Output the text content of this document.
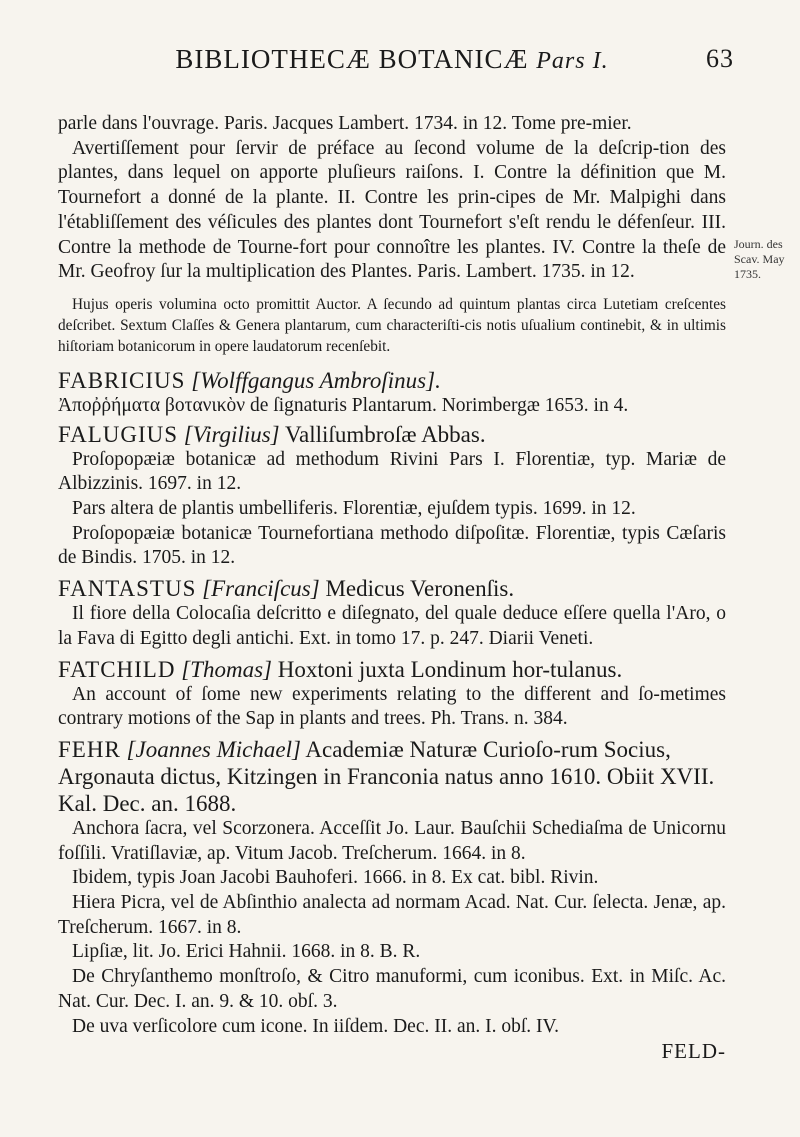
BIBLIOTHECÆ BOTANICÆ Pars I.	63

parle dans l'ouvrage. Paris. Jacques Lambert. 1734. in 12. Tome pre-mier.

Avertiſſement pour ſervir de préface au ſecond volume de la deſcrip-tion des plantes, dans lequel on apporte pluſieurs raiſons. I. Contre la définition que M. Tournefort a donné de la plante. II. Contre les prin-cipes de Mr. Malpighi dans l'établiſſement des véſicules des plantes dont Tournefort s'eſt rendu le défenſeur. III. Contre la methode de Tourne-fort pour connoître les plantes. IV. Contre la theſe de Mr. Geofroy ſur la multiplication des Plantes. Paris. Lambert. 1735. in 12.

Hujus operis volumina octo promittit Auctor. A ſecundo ad quintum plantas circa Lutetiam creſcentes deſcribet. Sextum Claſſes & Genera plantarum, cum characteriſti-cis notis uſualium continebit, & in ultimis hiſtoriam botanicorum in opere laudatorum recenſebit.

FABRICIUS [Wolffgangus Ambroſinus].

Ἀποῤῥήματα βοτανικὸν de ſignaturis Plantarum. Norimbergæ 1653. in 4.

FALUGIUS [Virgilius] Valliſumbroſæ Abbas.

Proſopopæiæ botanicæ ad methodum Rivini Pars I. Florentiæ, typ. Mariæ de Albizzinis. 1697. in 12.

Pars altera de plantis umbelliferis. Florentiæ, ejuſdem typis. 1699. in 12.

Proſopopæiæ botanicæ Tournefortiana methodo diſpoſitæ. Florentiæ, typis Cæſaris de Bindis. 1705. in 12.

FANTASTUS [Franciſcus] Medicus Veronenſis.

Il fiore della Colocaſia deſcritto e diſegnato, del quale deduce eſſere quella l'Aro, o la Fava di Egitto degli antichi. Ext. in tomo 17. p. 247. Diarii Veneti.

FATCHILD [Thomas] Hoxtoni juxta Londinum hor-tulanus.

An account of ſome new experiments relating to the different and ſo-metimes contrary motions of the Sap in plants and trees. Ph. Trans. n. 384.

FEHR [Joannes Michael] Academiæ Naturæ Curioſo-rum Socius, Argonauta dictus, Kitzingen in Franconia natus anno 1610. Obiit XVII. Kal. Dec. an. 1688.

Anchora ſacra, vel Scorzonera. Acceſſit Jo. Laur. Bauſchii Schediaſma de Unicornu foſſili. Vratiſlaviæ, ap. Vitum Jacob. Treſcherum. 1664. in 8.

Ibidem, typis Joan Jacobi Bauhoferi. 1666. in 8. Ex cat. bibl. Rivin.

Hiera Picra, vel de Abſinthio analecta ad normam Acad. Nat. Cur. ſelecta. Jenæ, ap. Treſcherum. 1667. in 8.

Lipſiæ, lit. Jo. Erici Hahnii. 1668. in 8. B. R.

De Chryſanthemo monſtroſo, & Citro manuformi, cum iconibus. Ext. in Miſc. Ac. Nat. Cur. Dec. I. an. 9. & 10. obſ. 3.

De uva verſicolore cum icone. In iiſdem. Dec. II. an. I. obſ. IV.

FELD-

Journ. des
Scav. May
1735.
